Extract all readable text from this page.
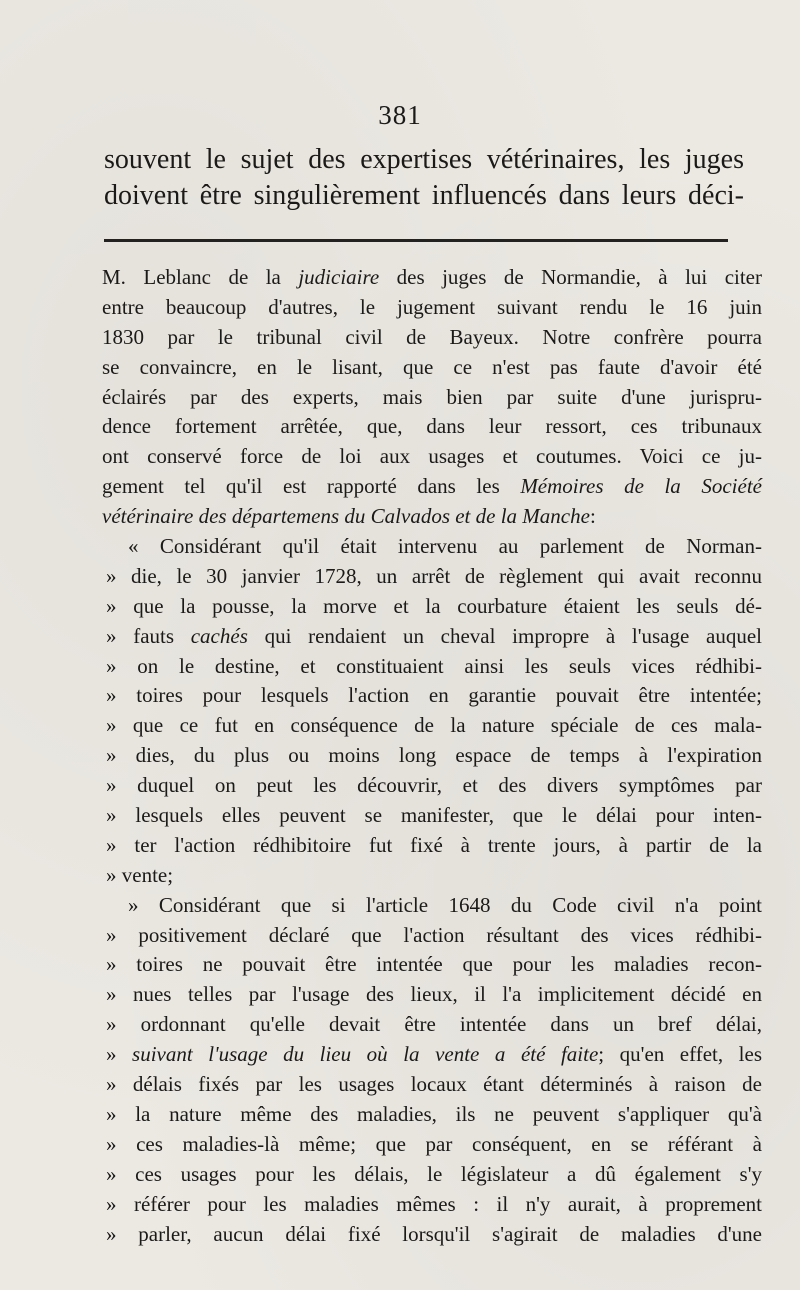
381
souvent le sujet des expertises vétérinaires, les juges
doivent être singulièrement influencés dans leurs déci-
M. Leblanc de la judiciaire des juges de Normandie, à lui citer
entre beaucoup d'autres, le jugement suivant rendu le 16 juin
1830 par le tribunal civil de Bayeux. Notre confrère pourra
se convaincre, en le lisant, que ce n'est pas faute d'avoir été
éclairés par des experts, mais bien par suite d'une jurispru-
dence fortement arrêtée, que, dans leur ressort, ces tribunaux
ont conservé force de loi aux usages et coutumes. Voici ce ju-
gement tel qu'il est rapporté dans les Mémoires de la Société
vétérinaire des départemens du Calvados et de la Manche:
« Considérant qu'il était intervenu au parlement de Norman-
» die, le 30 janvier 1728, un arrêt de règlement qui avait reconnu
» que la pousse, la morve et la courbature étaient les seuls dé-
» fauts cachés qui rendaient un cheval impropre à l'usage auquel
» on le destine, et constituaient ainsi les seuls vices rédhibi-
» toires pour lesquels l'action en garantie pouvait être intentée;
» que ce fut en conséquence de la nature spéciale de ces mala-
» dies, du plus ou moins long espace de temps à l'expiration
» duquel on peut les découvrir, et des divers symptômes par
» lesquels elles peuvent se manifester, que le délai pour inten-
» ter l'action rédhibitoire fut fixé à trente jours, à partir de la
» vente;
» Considérant que si l'article 1648 du Code civil n'a point
» positivement déclaré que l'action résultant des vices rédhibi-
» toires ne pouvait être intentée que pour les maladies recon-
» nues telles par l'usage des lieux, il l'a implicitement décidé en
» ordonnant qu'elle devait être intentée dans un bref délai,
» suivant l'usage du lieu où la vente a été faite; qu'en effet, les
» délais fixés par les usages locaux étant déterminés à raison de
» la nature même des maladies, ils ne peuvent s'appliquer qu'à
» ces maladies-là même; que par conséquent, en se référant à
» ces usages pour les délais, le législateur a dû également s'y
» référer pour les maladies mêmes : il n'y aurait, à proprement
» parler, aucun délai fixé lorsqu'il s'agirait de maladies d'une
